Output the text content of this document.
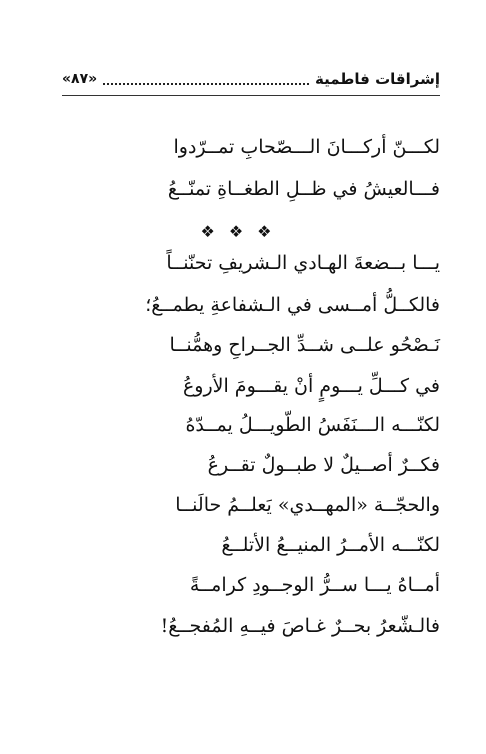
إشراقات فاطمية
«٨٧»
لكـــنّ أركـــانَ الـــصّحابِ تمــرّدوا
فـــالعيشُ في ظــلِ الطغــاةِ تمنّــعُ
❖❖❖
يـــا بــضعةَ الهـادي الـشريفِ تحنّنــاً
فالكــلُّ أمــسى في الـشفاعةِ يطمــعُ؛
نَـصْحُو علــى شــدِّ الجــراحِ وهمُّنــا
في كـــلِّ يـــومٍ أنْ يقـــومَ الأروعُ
لكنّـــه الـــنَفَسُ الطّويـــلُ يمــدّهُ
فكــرٌ أصــيلٌ لا طبــولٌ تقــرعُ
والحجّــة «المهــدي» يَعلــمُ حالَنــا
لكنّـــه الأمــرُ المنيــعُ الأتلــعُ
أمــاهُ يـــا ســرُّ الوجــودِ كرامــةً
فالـشّعرُ بحــرٌ غـاصَ فيــهِ المُفجــعُ!
